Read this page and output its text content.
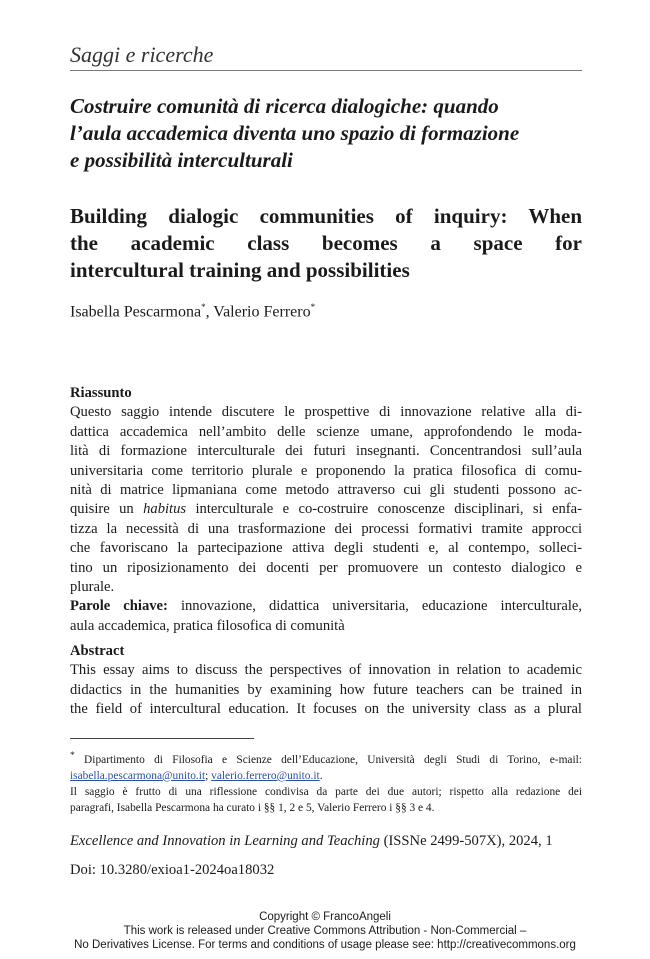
Saggi e ricerche
Costruire comunità di ricerca dialogiche: quando
l’aula accademica diventa uno spazio di formazione
e possibilità interculturali
Building dialogic communities of inquiry: When
the academic class becomes a space for
intercultural training and possibilities
Isabella Pescarmona*, Valerio Ferrero*
Riassunto
Questo saggio intende discutere le prospettive di innovazione relative alla di-
dattica accademica nell’ambito delle scienze umane, approfondendo le moda-
lità di formazione interculturale dei futuri insegnanti. Concentrandosi sull’aula
universitaria come territorio plurale e proponendo la pratica filosofica di comu-
nità di matrice lipmaniana come metodo attraverso cui gli studenti possono ac-
quisire un habitus interculturale e co-costruire conoscenze disciplinari, si enfa-
tizza la necessità di una trasformazione dei processi formativi tramite approcci
che favoriscano la partecipazione attiva degli studenti e, al contempo, solleci-
tino un riposizionamento dei docenti per promuovere un contesto dialogico e
plurale.
Parole chiave: innovazione, didattica universitaria, educazione interculturale,
aula accademica, pratica filosofica di comunità
Abstract
This essay aims to discuss the perspectives of innovation in relation to academic
didactics in the humanities by examining how future teachers can be trained in
the field of intercultural education. It focuses on the university class as a plural
* Dipartimento di Filosofia e Scienze dell’Educazione, Università degli Studi di Torino, e-mail:
isabella.pescarmona@unito.it; valerio.ferrero@unito.it.
Il saggio è frutto di una riflessione condivisa da parte dei due autori; rispetto alla redazione dei
paragrafi, Isabella Pescarmona ha curato i §§ 1, 2 e 5, Valerio Ferrero i §§ 3 e 4.
Excellence and Innovation in Learning and Teaching (ISSNe 2499-507X), 2024, 1
Doi: 10.3280/exioa1-2024oa18032
Copyright © FrancoAngeli
This work is released under Creative Commons Attribution - Non-Commercial –
No Derivatives License. For terms and conditions of usage please see: http://creativecommons.org
